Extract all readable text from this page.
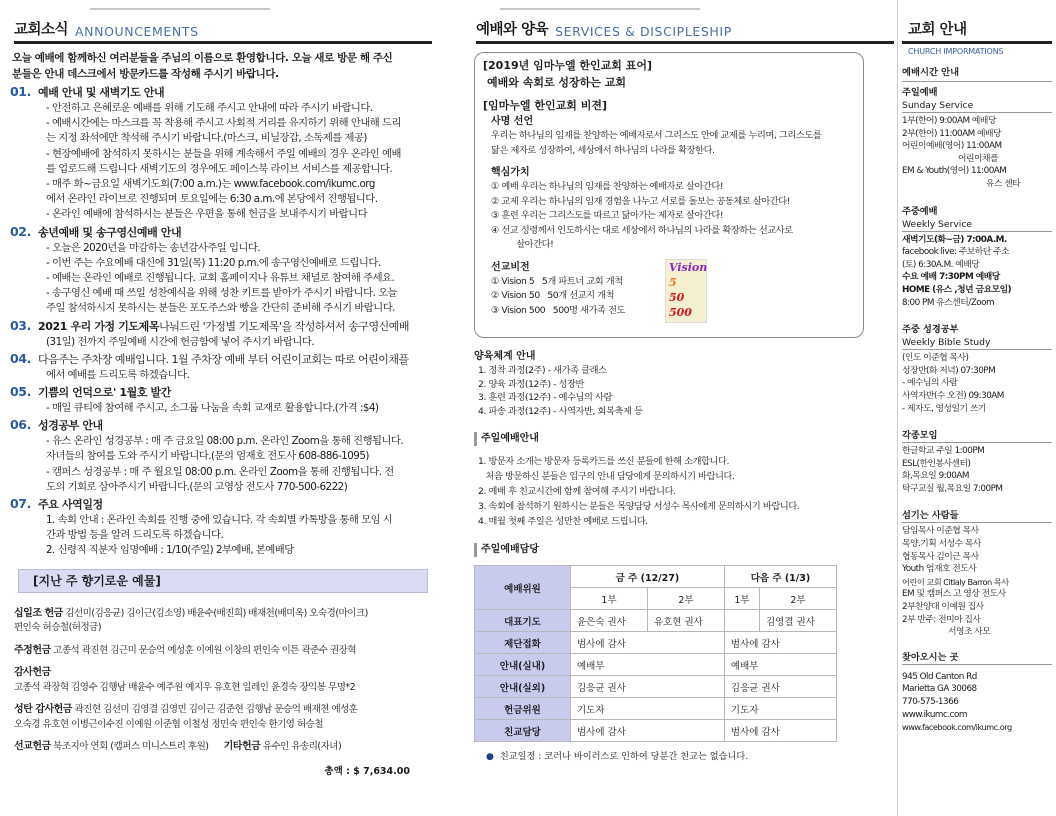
교회소식 ANNOUNCEMENTS
오늘 예배에 함께하신 여러분들을 주님의 이름으로 환영합니다. 오늘 새로 방문 해 주신
분들은 안내 데스크에서 방문카드를 작성해 주시기 바랍니다.
01. 예배 안내 및 새벽기도 안내
- 안전하고 은혜로운 예배를 위해 기도해 주시고 안내에 따라 주시기 바랍니다.
- 예배시간에는 마스크를 꼭 착용해 주시고 사회적 거리를 유지하기 위해 안내해 드리
는 지정 좌석에만 착석해 주시기 바랍니다.(마스크, 비닐장갑, 소독제를 제공)
- 현장예배에 참석하지 못하시는 분들을 위해 계속해서 주일 예배의 경우 온라인 예배
를 업로드해 드립니다 새벽기도의 경우에도 페이스북 라이브 서비스를 제공합니다.
- 매주 화~금요일 새벽기도회(7:00 a.m.)는 www.facebook.com/ikumc.org
에서 온라인 라이브로 진행되며 토요일에는 6:30 a.m.에 본당에서 진행됩니다.
- 온라인 예배에 참석하시는 분들은 우편을 통해 헌금을 보내주시기 바랍니다
02. 송년예배 및 송구영신예배 안내
- 오늘은 2020년을 마감하는 송년감사주일 입니다.
- 이번 주는 수요예배 대신에 31일(목) 11:20 p.m.에 송구영신예배로 드립니다.
- 예배는 온라인 예배로 진행됩니다. 교회 홈페이지나 유튜브 채널로 참여해 주세요.
- 송구영신 예배 때 쓰일 성찬예식을 위해 성찬 키트를 받아가 주시기 바랍니다. 오늘
주일 참석하시지 못하시는 분들은 포도주스와 빵을 간단히 준비해 주시기 바랍니다.
03. 2021 우리 가정 기도제목 나눠드린 '가정별 기도제목'을 작성하셔서 송구영신예배
(31일) 전까지 주일예배 시간에 헌금함에 넣어 주시기 바랍니다.
04. 다음주는 주차장 예배입니다. 1월 주차장 예배 부터 어린이교회는 따로 어린이채플
에서 예배를 드리도록 하겠습니다.
05. 기쁨의 언덕으로' 1월호 발간
- 매일 큐티에 참여해 주시고, 소그룹 나눔을 속회 교재로 활용합니다.(가격 :$4)
06. 성경공부 안내
- 유스 온라인 성경공부 : 매 주 금요일 08:00 p.m. 온라인 Zoom을 통해 진행됩니다.
자녀들의 참여를 도와 주시기 바랍니다.(문의 엄재호 전도사 608-886-1095)
- 캠퍼스 성경공부 : 매 주 월요일 08:00 p.m. 온라인 Zoom을 통해 진행됩니다. 전
도의 기회로 삼아주시기 바랍니다.(문의 고영상 전도사 770-500-6222)
07. 주요 사역일정
1. 속회 안내 : 온라인 속회를 진행 중에 있습니다. 각 속회별 카톡방을 통해 모임 시
간과 방법 등을 알려 드리도록 하겠습니다.
2. 신령직 직분자 임명예배 : 1/10(주일) 2부예배, 본예배당
[지난 주 향기로운 예물]
십일조 헌금 김선미(김응균) 김이근(김소영) 배윤수(배진희) 배재천(배미옥) 오숙경(마이크)
편인숙 허승철(허정금)
주정헌금 고종석 곽진현 김근미 문승억 예성훈 이예원 이창의 편인숙 이튼 곽준수 권장혁
감사헌금
고종석 곽장혁 김영수 김행남 배윤수 예주원 예지우 유호현 일레인 윤경숙 장익봉 무명*2
성탄 감사헌금 곽진현 김선미 김영결 김영민 김이근 김준현 김행남 문승억 배재천 예성훈
오숙경 유호현 이병근이수진 이예원 이준협 이철성 정민숙 편인숙 한기영 허승철
선교헌금 북조지아 연회 (캠퍼스 미니스트리 후원) 기타헌금 유수인 유송리(자녀)
총액 : $ 7,634.00
예배와 양육 SERVICES & DISCIPLESHIP
[2019년 임마누엘 한인교회 표어]
예배와 속회로 성장하는 교회
[임마누엘 한인교회 비젼]
사명 선언
우리는 하나님의 임재를 찬양하는 예배자로서 그리스도 안에 교제를 누리며, 그리스도를
닮은 제자로 성장하여, 세상에서 하나님의 나라를 확장한다.
핵심가치
① 예배 우리는 하나님의 임재를 찬양하는 예배자로 살아간다!
② 교제 우리는 하나님의 임재 경험을 나누고 서로를 돌보는 공동체로 살아간다!
③ 훈련 우리는 그리스도를 따르고 닮아가는 제자로 살아간다!
④ 선교 성령께서 인도하시는 대로 세상에서 하나님의 나라를 확장하는 선교사로
살아간다!
선교비전
① Vision 5   5개 파트너 교회 개척
② Vision 50   50개 선교지 개척
③ Vision 500   500명 새가족 전도
Vision
5
50
500
양육체계 안내
1. 정착 과정(2주) - 새가족 클래스
2. 양육 과정(12주) - 성장반
3. 훈련 과정(12주) - 예수님의 사람
4. 파송 과정(12주) - 사역자반, 회복축제 등
주일예배안내
1. 방문자 소개는 방문자 등록카드를 쓰신 분들에 한해 소개합니다.
처음 방문하신 분들은 입구의 안내 담당에게 문의하시기 바랍니다.
2. 예배 후 친교시간에 함께 참여해 주시기 바랍니다.
3. 속회에 참석하기 원하시는 분들은 목양담당 서성수 목사에게 문의하시기 바랍니다.
4. 매월 첫째 주일은 성만찬 예배로 드립니다.
주일예배담당
예배위원	금 주 (12/27)		다음 주 (1/3)	
	1부	2부	1부	2부
대표기도	윤은숙 권사	유호현 권사		김영결 권사
제단접화	범사에 감사		범사에 감사	
안내(실내)	예배부		예배부	
안내(실외)	김응균 권사		김응균 권사	
헌금위원	기도자		기도자	
친교담당	범사에 감사		범사에 감사	
● 친교일정 : 코러나 바이러스로 인하여 당분간 친교는 없습니다.
교회 안내
CHURCH IMPORMATIONS
예배시간 안내
주일예배
Sunday Service
1부(한어) 9:00AM 예배당
2부(한어) 11:00AM 예배당
어린이예배(영어) 11:00AM
어린이채플
EM & Youth(영어) 11:00AM
유스 센타
주중예배
Weekly Service
새벽기도(화~금) 7:00A.M.
facebook live: 주보하단 주소
(토) 6:30A.M. 예배당
수요 예배 7:30PM 예배당
HOME (유스 ,청년 금요모임)
8:00 PM 유스센터/Zoom
주중 성경공부
Weekly Bible Study
(인도 이준협 목사)
성장반(화 저녁) 07:30PM
- 예수님의 사람
사역자반(수 오전) 09:30AM
- 제자도, 영성일기 쓰기
각종모임
한글학교 주일 1:00PM
ESL(한인봉사센터)
화,목요일 9:00AM
탁구교실 월,목요일 7:00PM
섬기는 사람들
담임목사 이준협 목사
목양.기획 서성수 목사
협동목사 김이근 목사
Youth 엄재호 전도사
어린이 교회 Citlaly Barron 목사
EM 및 캠퍼스 고 영상 전도사
2부찬양대 이예원 집사
2부 반주: 전미아 집사
서영조 사모
찾아오시는 곳
945 Old Canton Rd
Marietta GA 30068
770-575-1366
www.ikumc.com
www.facebook.com/ikumc.org
